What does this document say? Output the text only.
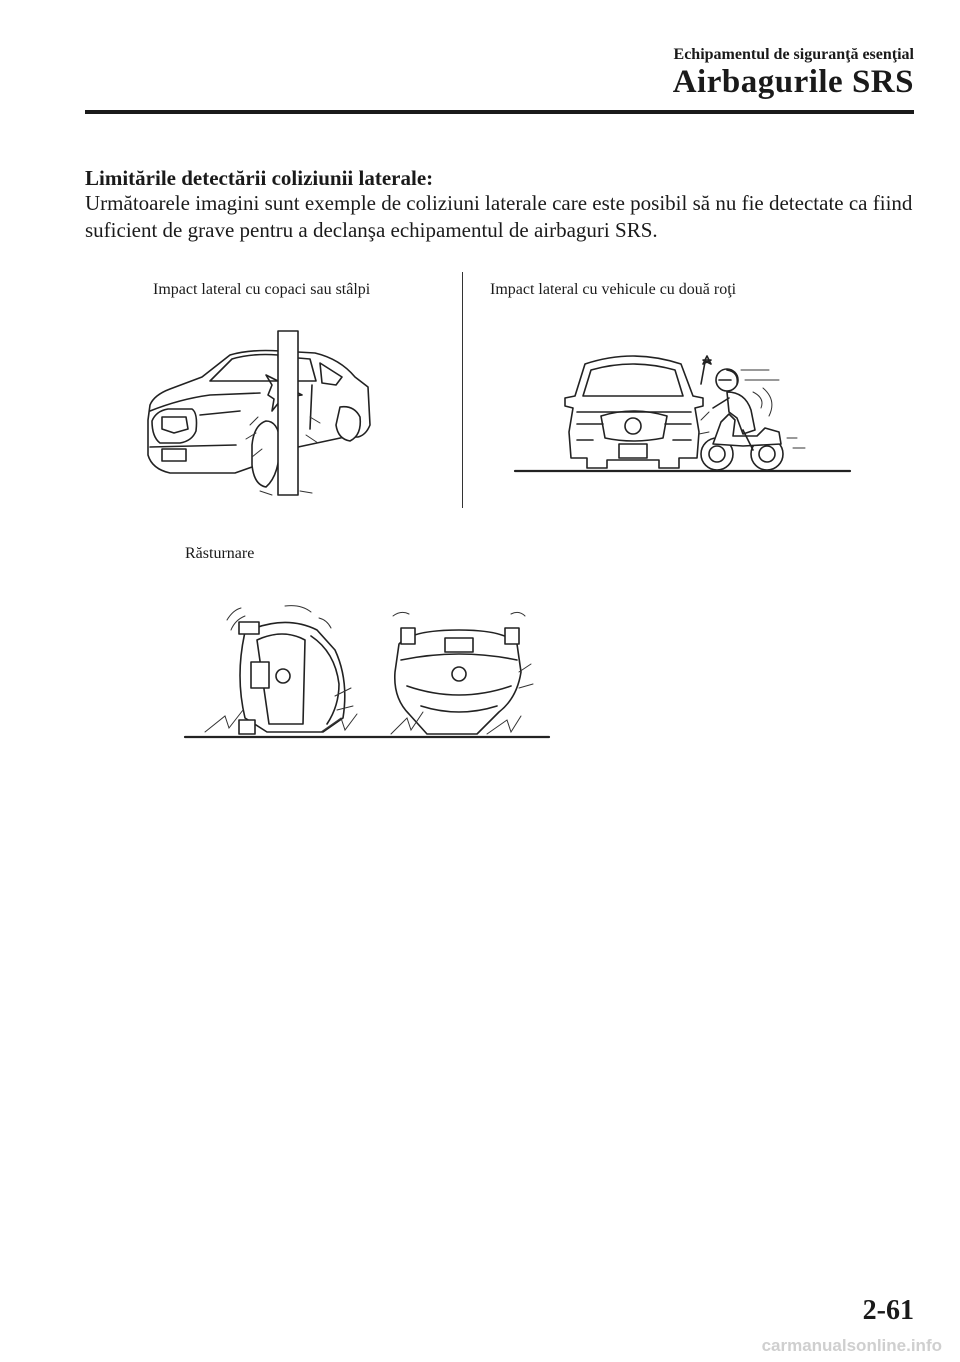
Echipamentul de siguranţă esenţial
Airbagurile SRS
Limitările detectării coliziunii laterale:
Următoarele imagini sunt exemple de coliziuni laterale care este posibil să nu fie detectate ca fiind suficient de grave pentru a declanşa echipamentul de airbaguri SRS.
Impact lateral cu copaci sau stâlpi	Impact lateral cu vehicule cu două roţi
Răsturnare
2-61
carmanualsonline.info
